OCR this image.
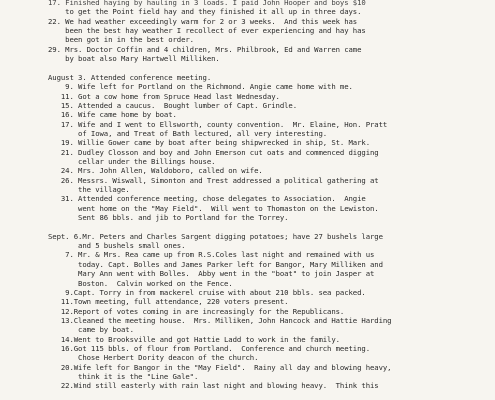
17. Finished haying by hauling in 3 loads. I paid John Hooper and boys $10
to get the Point field hay and they finished it all up in three days.
22. We had weather exceedingly warm for 2 or 3 weeks.  And this week has
been the best hay weather I recollect of ever experiencing and hay has
been got in in the best order.
29. Mrs. Doctor Coffin and 4 children, Mrs. Philbrook, Ed and Warren came
by boat also Mary Hartwell Milliken.
August 3. Attended conference meeting.
9. Wife left for Portland on the Richmond. Angie came home with me.
11. Got a cow home from Spruce Head last Wednesday.
15. Attended a caucus.  Bought lumber of Capt. Grindle.
16. Wife came home by boat.
17. Wife and I went to Ellsworth, county convention.  Mr. Elaine, Hon. Pratt
of Iowa, and Treat of Bath lectured, all very interesting.
19. Willie Gower came by boat after being shipwrecked in ship, St. Mark.
21. Dudley Closson and boy and John Emerson cut oats and commenced digging
cellar under the Billings house.
24. Mrs. John Allen, Waldoboro, called on wife.
26. Messrs. Wiswall, Simonton and Trest addressed a political gathering at
the village.
31. Attended conference meeting, chose delegates to Association.  Angie
went home on the "May Field".  Will went to Thomaston on the Lewiston.
Sent 86 bbls. and jib to Portland for the Torrey.
Sept. 6.Mr. Peters and Charles Sargent digging potatoes; have 27 bushels large
and 5 bushels small ones.
7. Mr. & Mrs. Rea came up from R.S.Coles last night and remained with us
today. Capt. Bolles and James Parker left for Bangor, Mary Milliken and
Mary Ann went with Bolles.  Abby went in the "boat" to join Jasper at
Boston.  Calvin worked on the Fence.
9.Capt. Torry in from mackerel cruise with about 210 bbls. sea packed.
11.Town meeting, full attendance, 220 voters present.
12.Report of votes coming in are increasingly for the Republicans.
13.Cleaned the meeting house.  Mrs. Milliken, John Hancock and Hattie Harding
came by boat.
14.Went to Brooksville and got Hattie Ladd to work in the family.
16.Got 115 bbls. of flour from Portland.  Conference and church meeting.
Chose Herbert Dority deacon of the church.
20.Wife left for Bangor in the "May Field".  Rainy all day and blowing heavy,
think it is the "Line Gale".
22.Wind still easterly with rain last night and blowing heavy.  Think this
